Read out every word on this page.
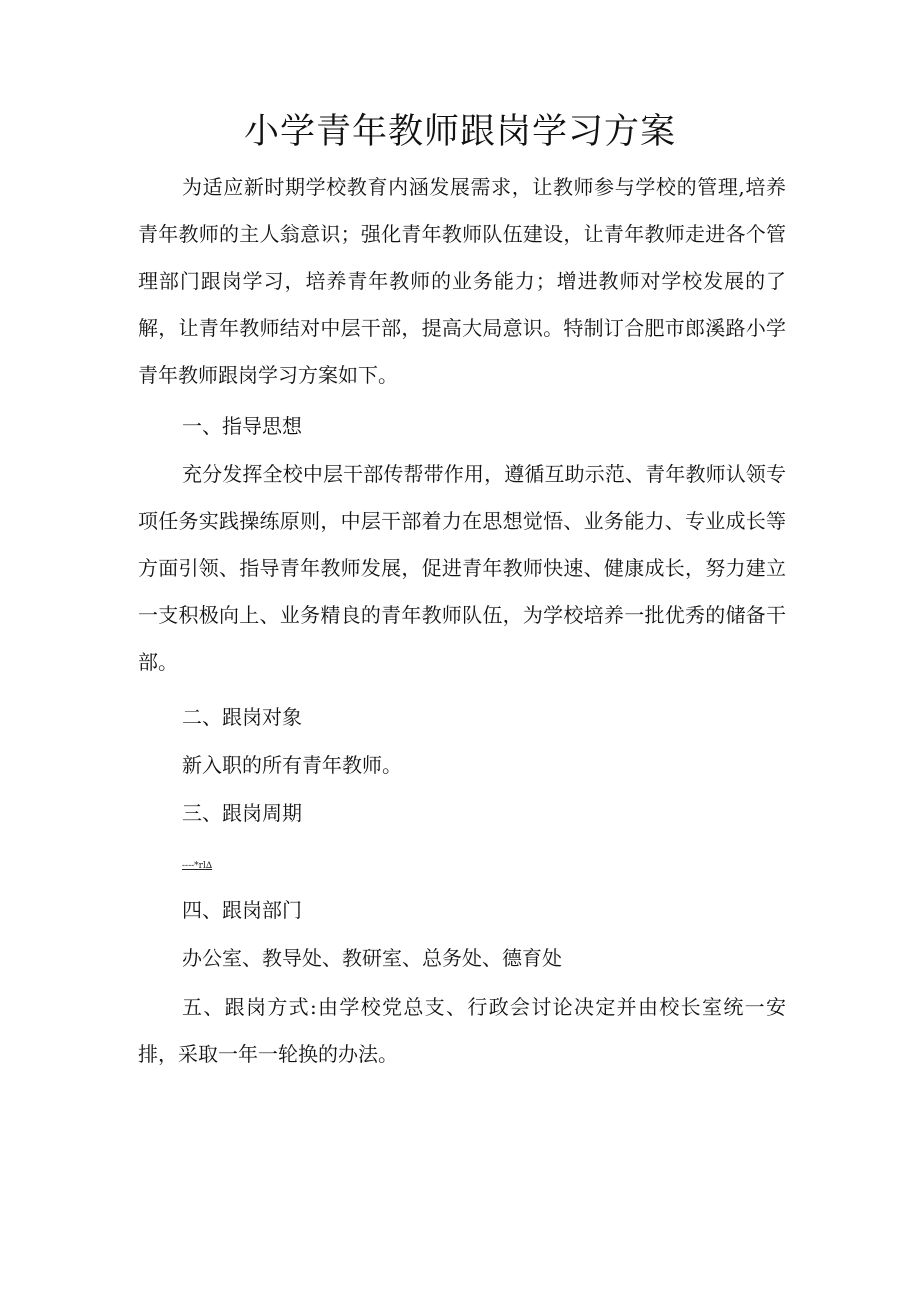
小学青年教师跟岗学习方案
为适应新时期学校教育内涵发展需求，让教师参与学校的管理,培养青年教师的主人翁意识；强化青年教师队伍建设，让青年教师走进各个管理部门跟岗学习，培养青年教师的业务能力；增进教师对学校发展的了解，让青年教师结对中层干部，提高大局意识。特制订合肥市郎溪路小学青年教师跟岗学习方案如下。
一、指导思想
充分发挥全校中层干部传帮带作用，遵循互助示范、青年教师认领专项任务实践操练原则，中层干部着力在思想觉悟、业务能力、专业成长等方面引领、指导青年教师发展，促进青年教师快速、健康成长，努力建立一支积极向上、业务精良的青年教师队伍，为学校培养一批优秀的储备干部。
二、跟岗对象
新入职的所有青年教师。
三、跟岗周期
----*rl∆
四、跟岗部门
办公室、教导处、教研室、总务处、德育处
五、跟岗方式:由学校党总支、行政会讨论决定并由校长室统一安排，采取一年一轮换的办法。
